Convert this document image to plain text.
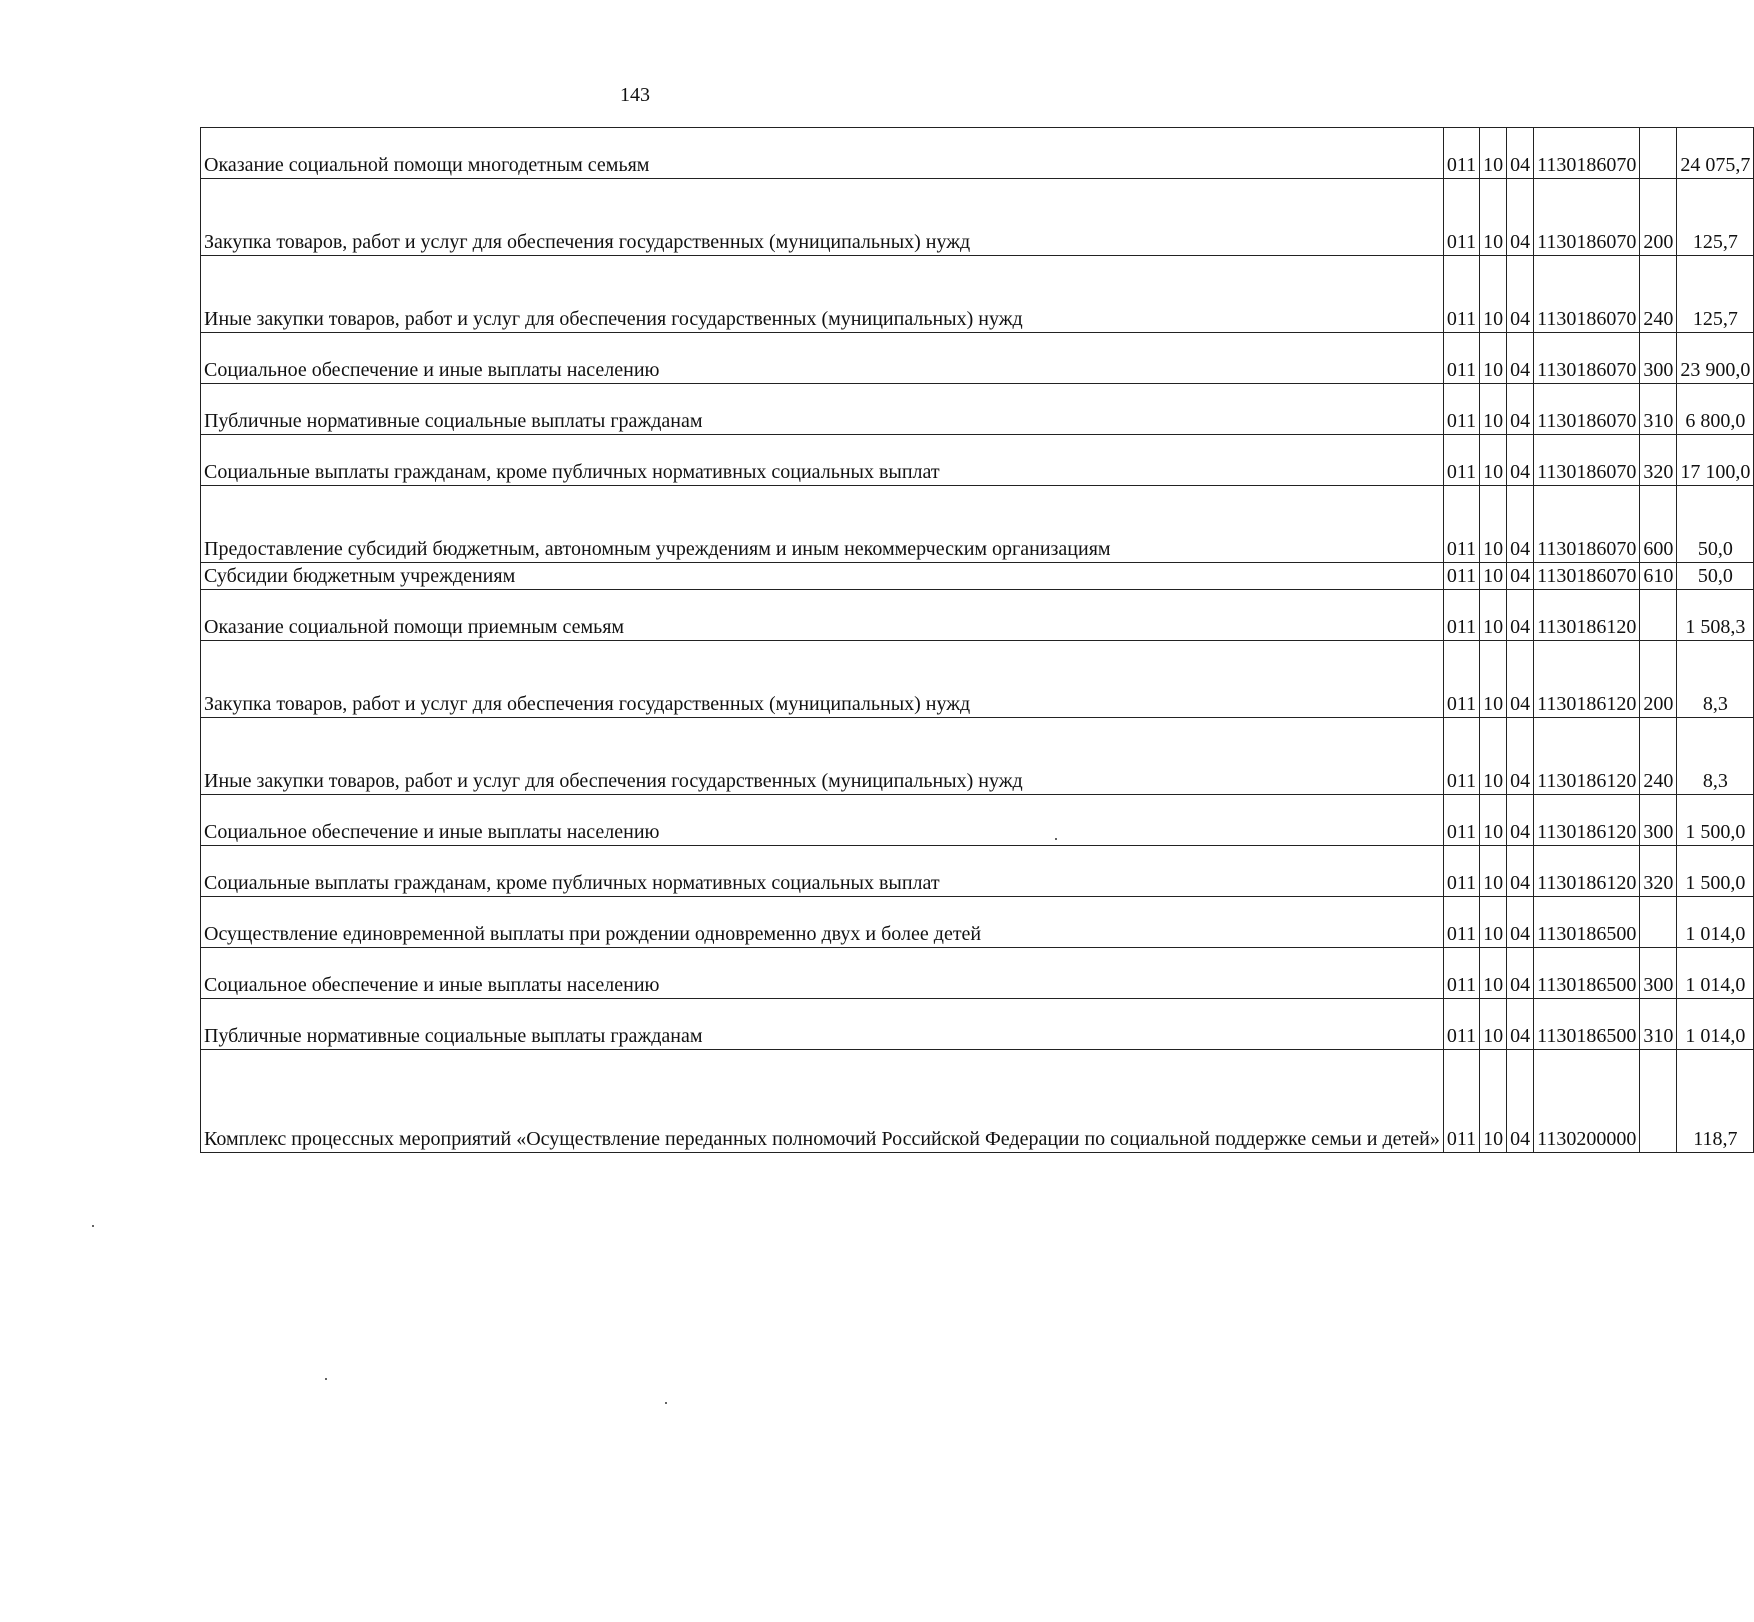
143
Оказание социальной помощи многодетным семьям	011	10	04	1130186070		24 075,7
Закупка товаров, работ и услуг для обеспечения государственных (муниципальных) нужд	011	10	04	1130186070	200	125,7
Иные закупки товаров, работ и услуг для обеспечения государственных (муниципальных) нужд	011	10	04	1130186070	240	125,7
Социальное обеспечение и иные выплаты населению	011	10	04	1130186070	300	23 900,0
Публичные нормативные социальные выплаты гражданам	011	10	04	1130186070	310	6 800,0
Социальные выплаты гражданам, кроме публичных нормативных социальных выплат	011	10	04	1130186070	320	17 100,0
Предоставление субсидий бюджетным, автономным учреждениям и иным некоммерческим организациям	011	10	04	1130186070	600	50,0
Субсидии бюджетным учреждениям	011	10	04	1130186070	610	50,0
Оказание социальной помощи приемным семьям	011	10	04	1130186120		1 508,3
Закупка товаров, работ и услуг для обеспечения государственных (муниципальных) нужд	011	10	04	1130186120	200	8,3
Иные закупки товаров, работ и услуг для обеспечения государственных (муниципальных) нужд	011	10	04	1130186120	240	8,3
Социальное обеспечение и иные выплаты населению	011	10	04	1130186120	300	1 500,0
Социальные выплаты гражданам, кроме публичных нормативных социальных выплат	011	10	04	1130186120	320	1 500,0
Осуществление единовременной выплаты при рождении одновременно двух и более детей	011	10	04	1130186500		1 014,0
Социальное обеспечение и иные выплаты населению	011	10	04	1130186500	300	1 014,0
Публичные нормативные социальные выплаты гражданам	011	10	04	1130186500	310	1 014,0
Комплекс процессных мероприятий «Осуществление переданных полномочий Российской Федерации по социальной поддержке семьи и детей»	011	10	04	1130200000		118,7
